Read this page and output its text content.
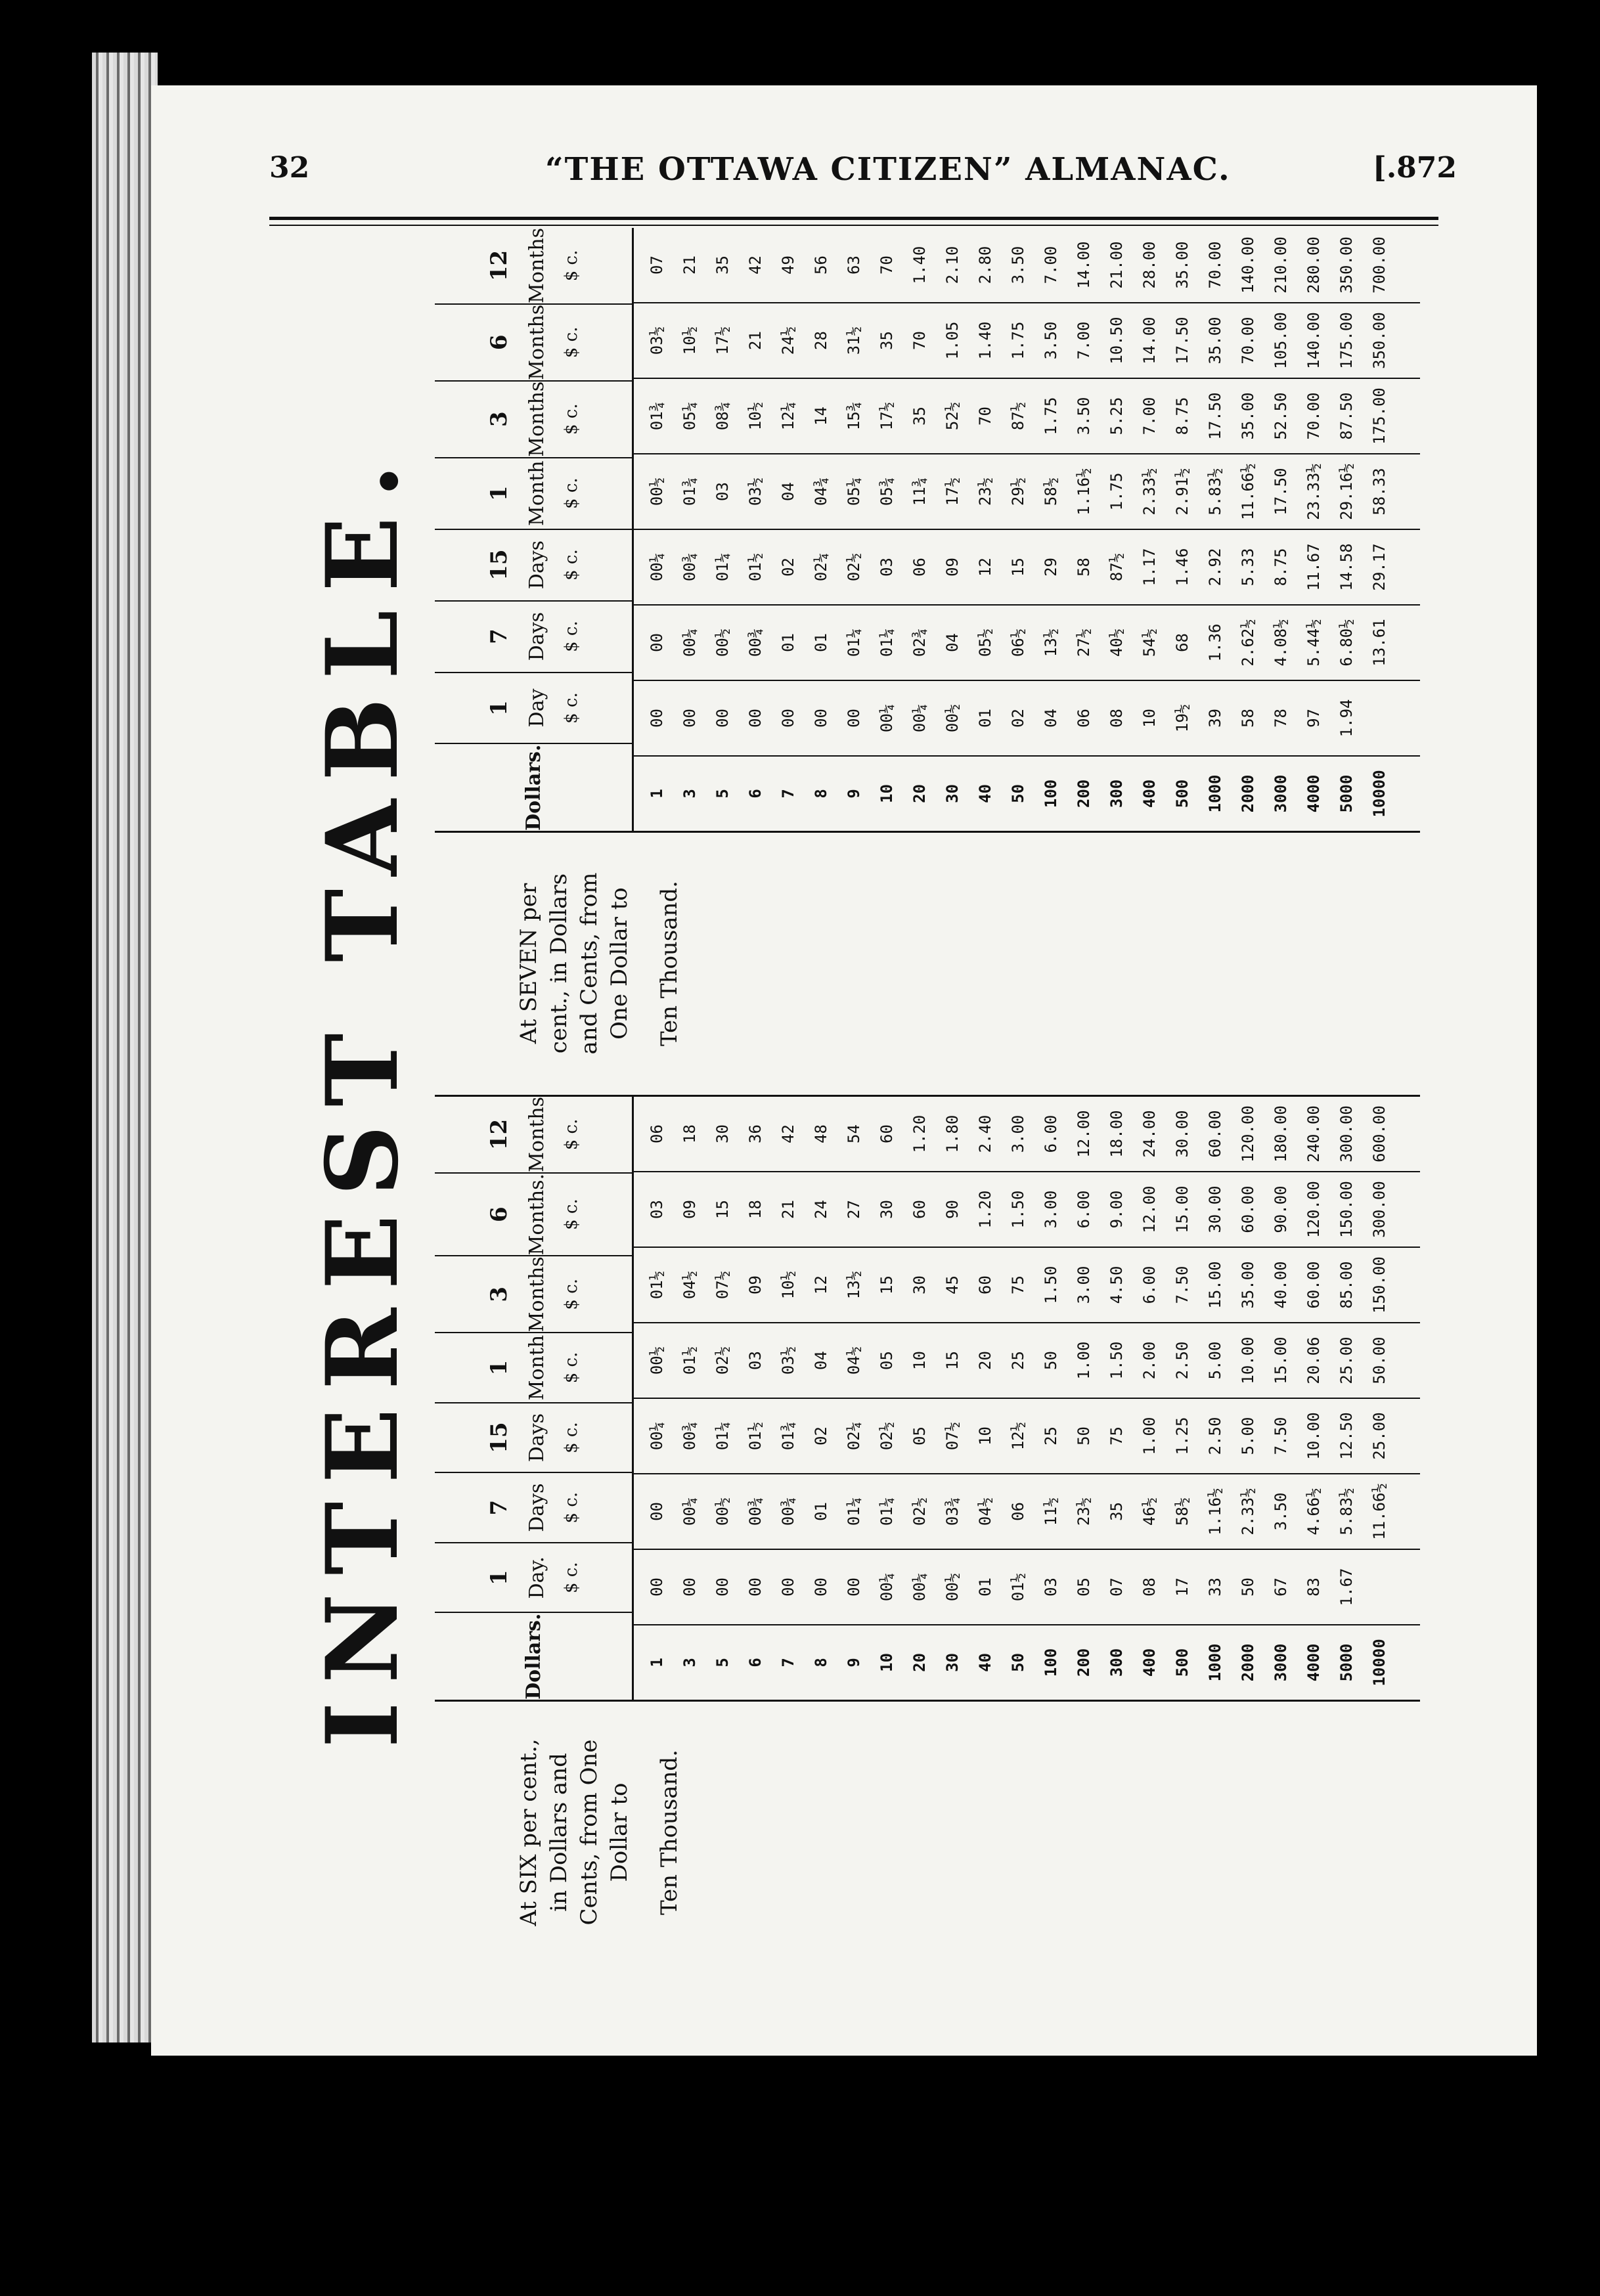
32	“THE OTTAWA CITIZEN” ALMANAC.	[.872
INTEREST TABLE.
At SIX per cent., in Dollars and Cents, from One Dollar to Ten Thousand.
Dollars.
1 Day. $ c.
7 Days $ c.
15 Days $ c.
1 Month $ c.
3 Months $ c.
6 Months. $ c.
12 Months $ c.
1 3 5 6 7 8 9 10 20 30 40 50 100 200 300 400 500 1000 2000 3000 4000 5000 10000
00 00 00 00 00 00 00 00¼ 00¼ 00½ 01 01½ 03 05 07 08 17 33 50 67 83 1.67
00 00¼ 00½ 00¾ 00¾ 01 01¼ 01¼ 02½ 03¾ 04½ 06 11½ 23½ 35 46½ 58½ 1.16½ 2.33½ 3.50 4.66½ 5.83½ 11.66½
00¼ 00¾ 01¼ 01½ 01¾ 02 02¼ 02½ 05 07½ 10 12½ 25 50 75 1.00 1.25 2.50 5.00 7.50 10.00 12.50 25.00
00½ 01½ 02½ 03 03½ 04 04½ 05 10 15 20 25 50 1.00 1.50 2.00 2.50 5.00 10.00 15.00 20.06 25.00 50.00
01½ 04½ 07½ 09 10½ 12 13½ 15 30 45 60 75 1.50 3.00 4.50 6.00 7.50 15.00 35.00 40.00 60.00 85.00 150.00
03 09 15 18 21 24 27 30 60 90 1.20 1.50 3.00 6.00 9.00 12.00 15.00 30.00 60.00 90.00 120.00 150.00 300.00
06 18 30 36 42 48 54 60 1.20 1.80 2.40 3.00 6.00 12.00 18.00 24.00 30.00 60.00 120.00 180.00 240.00 300.00 600.00
At SEVEN per cent., in Dollars and Cents, from One Dollar to Ten Thousand.
Dollars.
1 Day $ c.
7 Days $ c.
15 Days $ c.
1 Month $ c.
3 Months $ c.
6 Months $ c.
12 Months $ c.
1 3 5 6 7 8 9 10 20 30 40 50 100 200 300 400 500 1000 2000 3000 4000 5000 10000
00 00 00 00 00 00 00 00¼ 00¼ 00½ 01 02 04 06 08 10 19½ 39 58 78 97 1.94
00 00¼ 00½ 00¾ 01 01 01¼ 01¼ 02¾ 04 05½ 06½ 13½ 27½ 40½ 54½ 68 1.36 2.62½ 4.08½ 5.44½ 6.80½ 13.61
00¼ 00¾ 01¼ 01½ 02 02¼ 02½ 03 06 09 12 15 29 58 87½ 1.17 1.46 2.92 5.33 8.75 11.67 14.58 29.17
00½ 01¾ 03 03½ 04 04¾ 05¼ 05¾ 11¾ 17½ 23½ 29½ 58½ 1.16½ 1.75 2.33½ 2.91½ 5.83½ 11.66½ 17.50 23.33½ 29.16½ 58.33
01¾ 05¼ 08¾ 10½ 12¼ 14 15¾ 17½ 35 52½ 70 87½ 1.75 3.50 5.25 7.00 8.75 17.50 35.00 52.50 70.00 87.50 175.00
03½ 10½ 17½ 21 24½ 28 31½ 35 70 1.05 1.40 1.75 3.50 7.00 10.50 14.00 17.50 35.00 70.00 105.00 140.00 175.00 350.00
07 21 35 42 49 56 63 70 1.40 2.10 2.80 3.50 7.00 14.00 21.00 28.00 35.00 70.00 140.00 210.00 280.00 350.00 700.00
